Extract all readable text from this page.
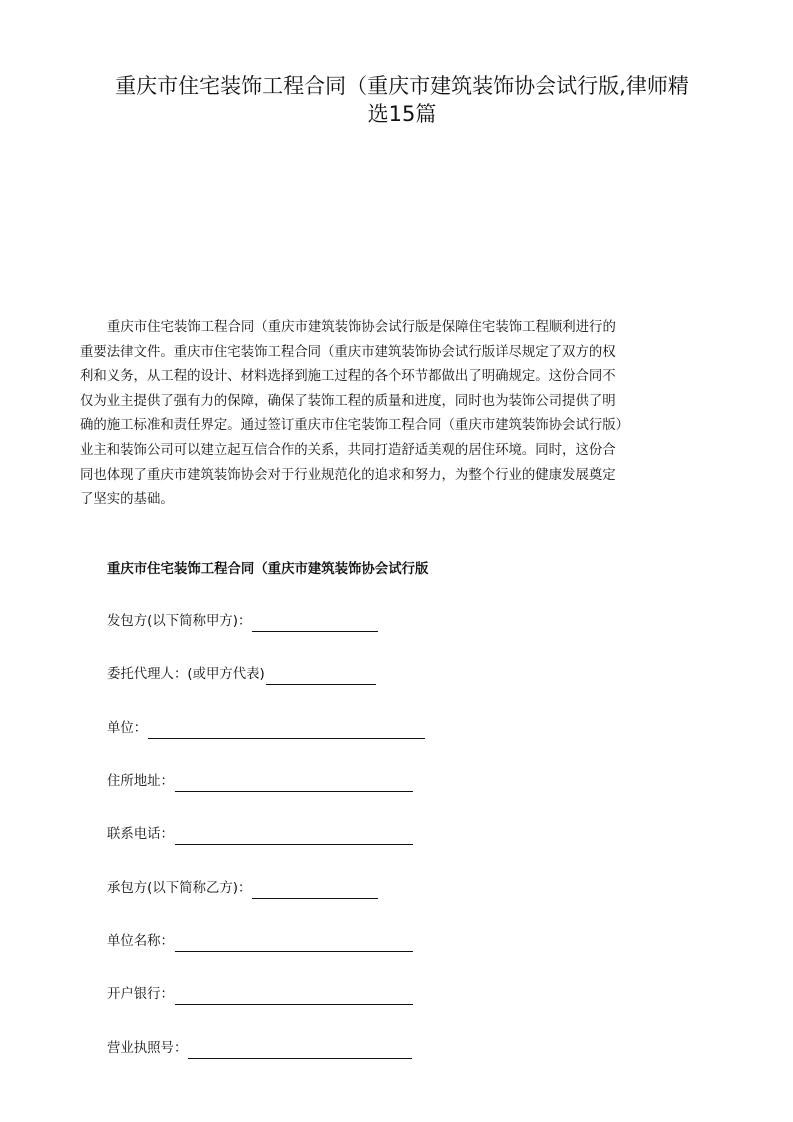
重庆市住宅装饰工程合同（重庆市建筑装饰协会试行版,律师精
选15篇
重庆市住宅装饰工程合同（重庆市建筑装饰协会试行版是保障住宅装饰工程顺利进行的
重要法律文件。重庆市住宅装饰工程合同（重庆市建筑装饰协会试行版详尽规定了双方的权
利和义务，从工程的设计、材料选择到施工过程的各个环节都做出了明确规定。这份合同不
仅为业主提供了强有力的保障，确保了装饰工程的质量和进度，同时也为装饰公司提供了明
确的施工标准和责任界定。通过签订重庆市住宅装饰工程合同（重庆市建筑装饰协会试行版）
业主和装饰公司可以建立起互信合作的关系，共同打造舒适美观的居住环境。同时，这份合
同也体现了重庆市建筑装饰协会对于行业规范化的追求和努力，为整个行业的健康发展奠定
了坚实的基础。
重庆市住宅装饰工程合同（重庆市建筑装饰协会试行版
发包方(以下简称甲方)：
委托代理人：(或甲方代表)
单位：
住所地址：
联系电话：
承包方(以下简称乙方)：
单位名称：
开户银行：
营业执照号：
